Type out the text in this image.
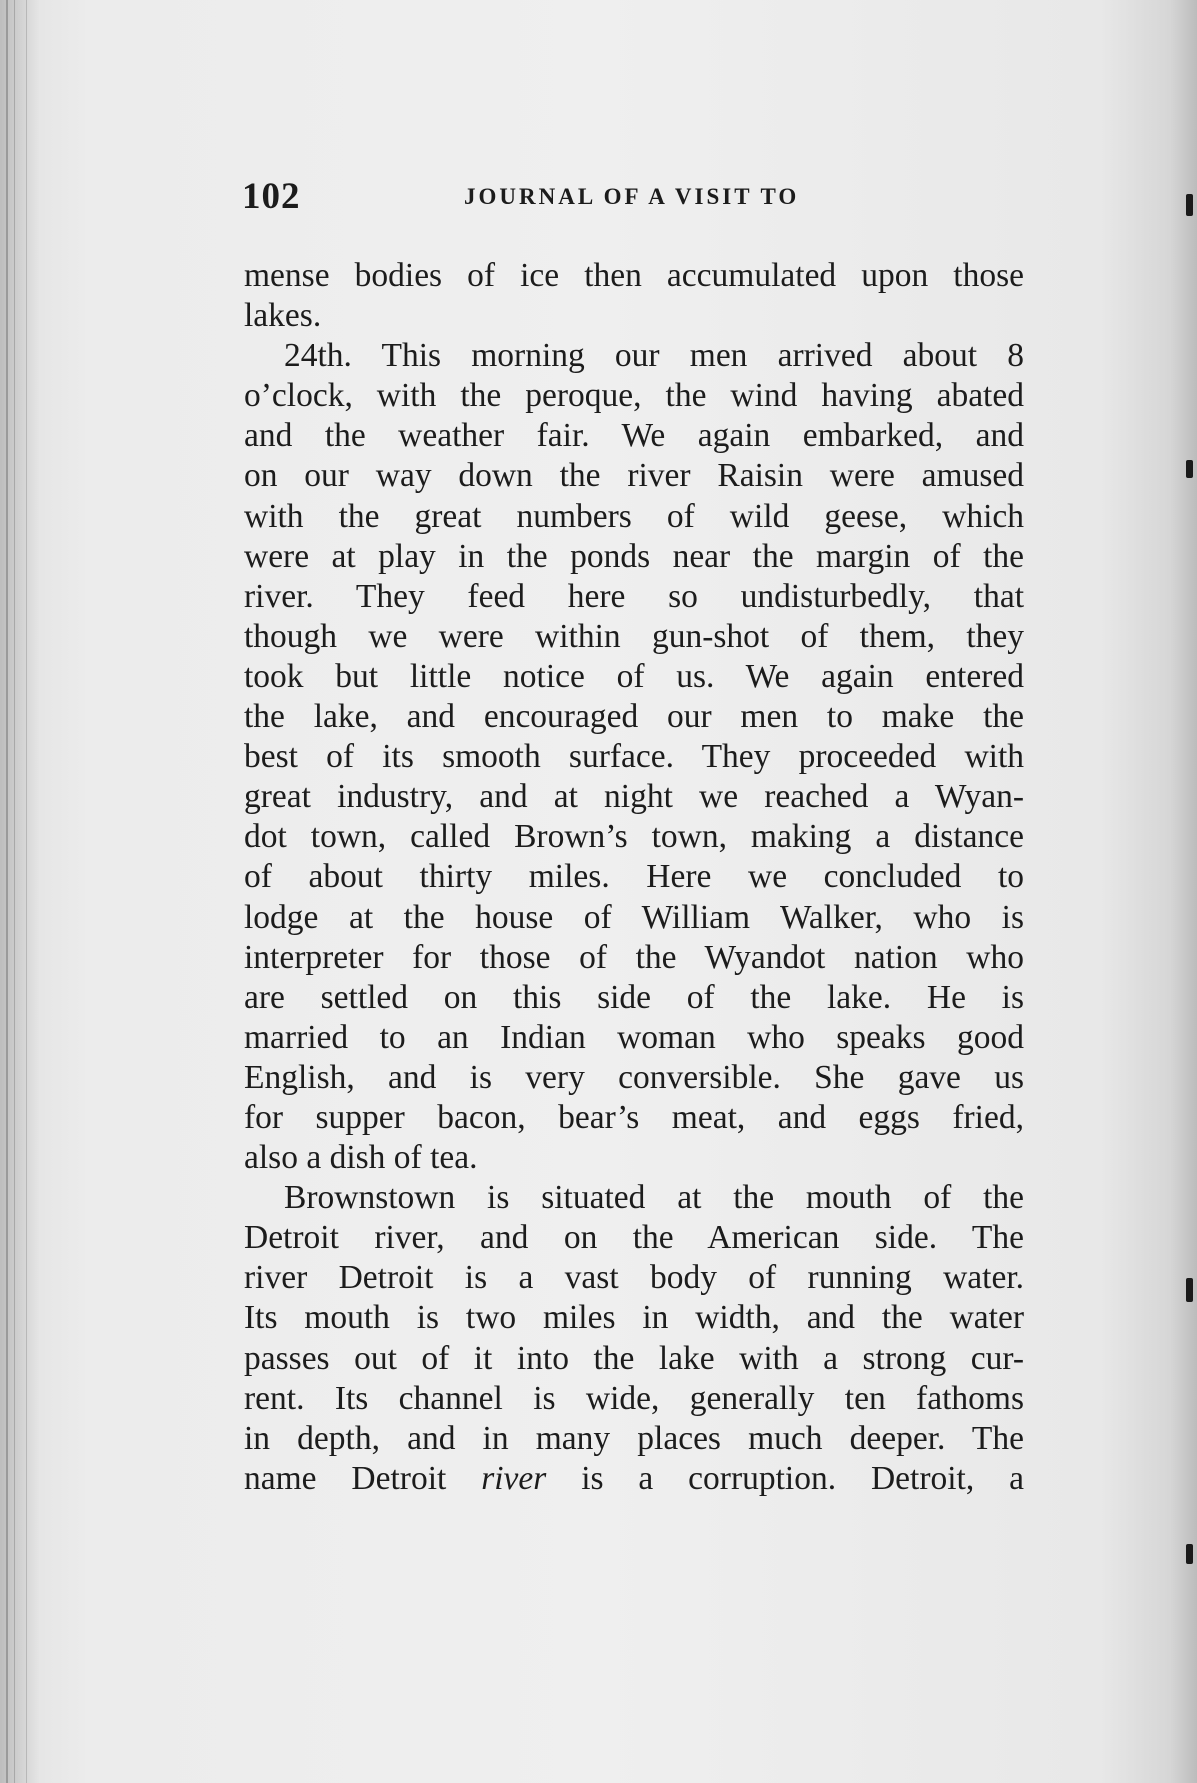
102	JOURNAL OF A VISIT TO
mense bodies of ice then accumulated upon those
lakes.
24th. This morning our men arrived about 8
o’clock, with the peroque, the wind having abated
and the weather fair. We again embarked, and
on our way down the river Raisin were amused
with the great numbers of wild geese, which
were at play in the ponds near the margin of the
river. They feed here so undisturbedly, that
though we were within gun-shot of them, they
took but little notice of us. We again entered
the lake, and encouraged our men to make the
best of its smooth surface. They proceeded with
great industry, and at night we reached a Wyan-
dot town, called Brown’s town, making a distance
of about thirty miles. Here we concluded to
lodge at the house of William Walker, who is
interpreter for those of the Wyandot nation who
are settled on this side of the lake. He is
married to an Indian woman who speaks good
English, and is very conversible. She gave us
for supper bacon, bear’s meat, and eggs fried,
also a dish of tea.
Brownstown is situated at the mouth of the
Detroit river, and on the American side. The
river Detroit is a vast body of running water.
Its mouth is two miles in width, and the water
passes out of it into the lake with a strong cur-
rent. Its channel is wide, generally ten fathoms
in depth, and in many places much deeper. The
name Detroit river is a corruption. Detroit, a
